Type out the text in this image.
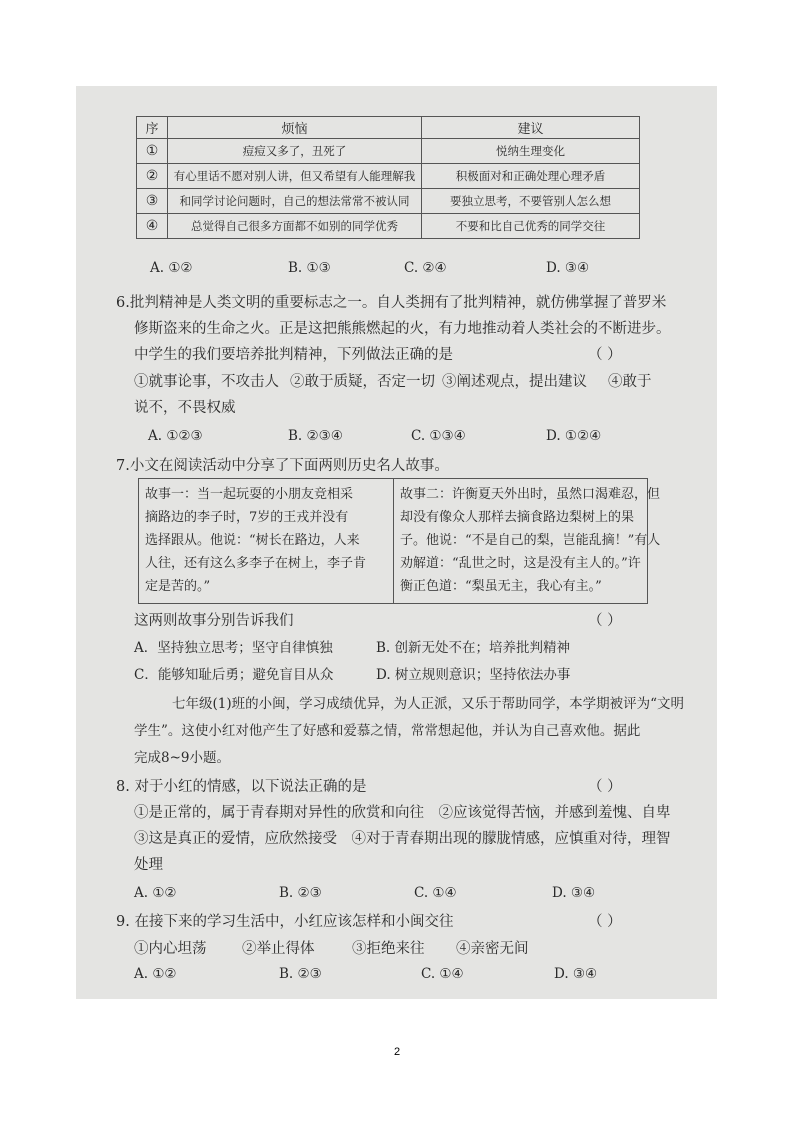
序	烦恼	建议
①	痘痘又多了，丑死了	悦纳生理变化
②	有心里话不愿对别人讲，但又希望有人能理解我	积极面对和正确处理心理矛盾
③	和同学讨论问题时，自己的想法常常不被认同	要独立思考，不要管别人怎么想
④	总觉得自己很多方面都不如别的同学优秀	不要和比自己优秀的同学交往
A. ①②	B. ①③	C. ②④	D. ③④
6.批判精神是人类文明的重要标志之一。自人类拥有了批判精神，就仿佛掌握了普罗米
修斯盗来的生命之火。正是这把熊熊燃起的火，有力地推动着人类社会的不断进步。
中学生的我们要培养批判精神，下列做法正确的是	（ ）
①就事论事，不攻击人 ②敢于质疑，否定一切 ③阐述观点，提出建议 ④敢于
说不，不畏权威
A. ①②③	B. ②③④	C. ①③④	D. ①②④
7.小文在阅读活动中分享了下面两则历史名人故事。
故事一：当一起玩耍的小朋友竞相采
摘路边的李子时，7岁的王戎并没有
选择跟从。他说：“树长在路边，人来
人往，还有这么多李子在树上，李子肯
定是苦的。”
故事二：许衡夏天外出时，虽然口渴难忍，但
却没有像众人那样去摘食路边梨树上的果
子。他说：“不是自己的梨，岂能乱摘！”有人
劝解道：“乱世之时，这是没有主人的。”许
衡正色道：“梨虽无主，我心有主。”
这两则故事分别告诉我们	（ ）
A．坚持独立思考；坚守自律慎独	B. 创新无处不在；培养批判精神
C．能够知耻后勇；避免盲目从众	D. 树立规则意识；坚持依法办事
七年级(1)班的小闽，学习成绩优异，为人正派，又乐于帮助同学，本学期被评为“文明
学生”。这使小红对他产生了好感和爱慕之情，常常想起他，并认为自己喜欢他。据此
完成8~9小题。
8. 对于小红的情感，以下说法正确的是	（ ）
①是正常的，属于青春期对异性的欣赏和向往　②应该觉得苦恼，并感到羞愧、自卑
③这是真正的爱情，应欣然接受　④对于青春期出现的朦胧情感，应慎重对待，理智
处理
A. ①②	B. ②③	C. ①④	D. ③④
9. 在接下来的学习生活中，小红应该怎样和小闽交往	（ ）
①内心坦荡 ②举止得体	③拒绝来往 ④亲密无间
A. ①②	B. ②③	C. ①④	D. ③④
2
